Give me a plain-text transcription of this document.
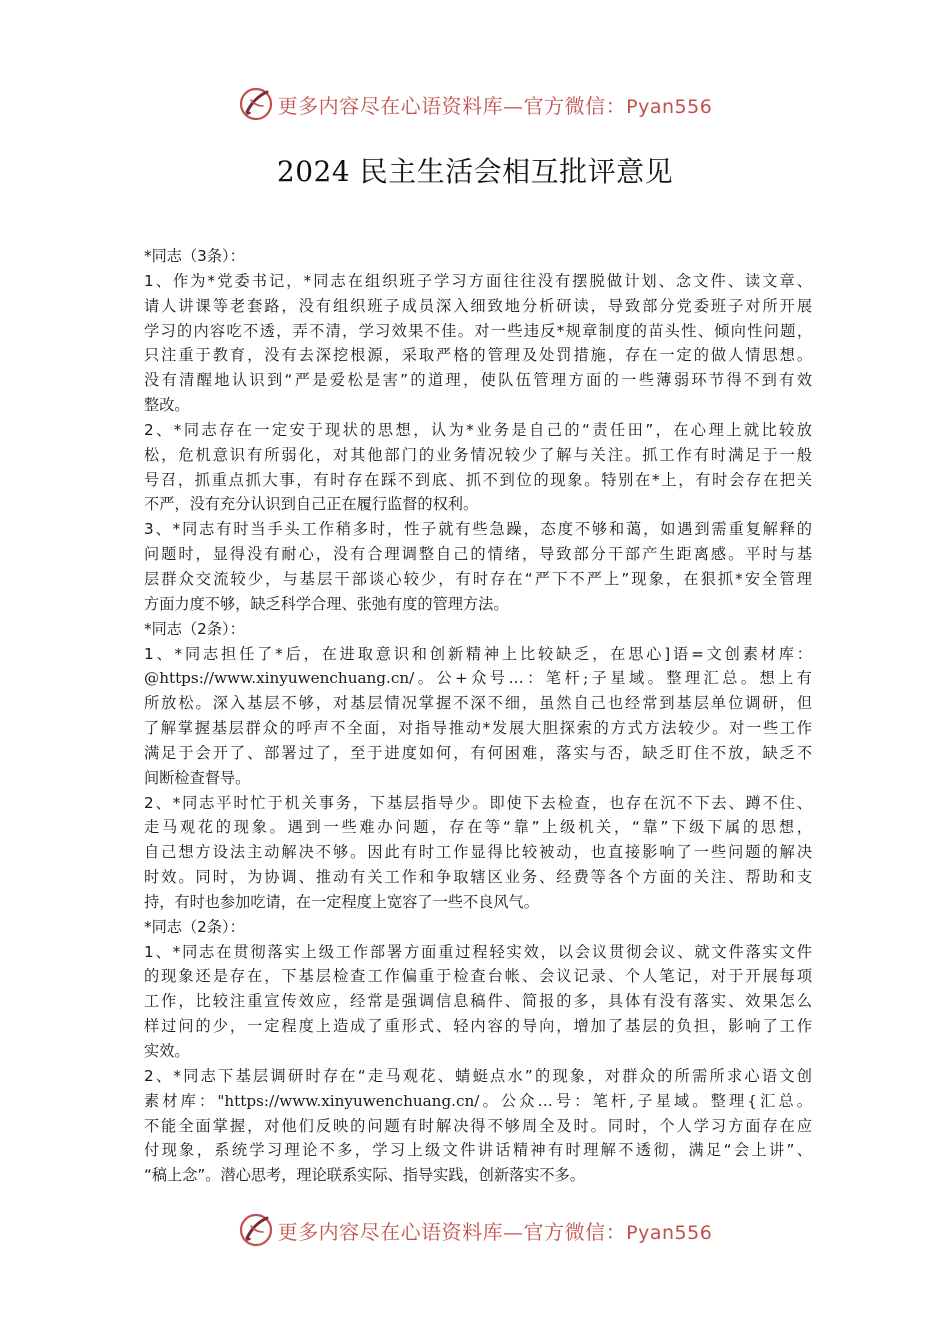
更多内容尽在心语资料库—官方微信：Pyan556
2024 民主生活会相互批评意见
*同志（3条）：
1、作为*党委书记，*同志在组织班子学习方面往往没有摆脱做计划、念文件、读文章、
请人讲课等老套路，没有组织班子成员深入细致地分析研读，导致部分党委班子对所开展
学习的内容吃不透，弄不清，学习效果不佳。对一些违反*规章制度的苗头性、倾向性问题，
只注重于教育，没有去深挖根源，采取严格的管理及处罚措施，存在一定的做人情思想。
没有清醒地认识到“严是爱松是害”的道理，使队伍管理方面的一些薄弱环节得不到有效
整改。
2、*同志存在一定安于现状的思想，认为*业务是自己的“责任田”，在心理上就比较放
松，危机意识有所弱化，对其他部门的业务情况较少了解与关注。抓工作有时满足于一般
号召，抓重点抓大事，有时存在踩不到底、抓不到位的现象。特别在*上，有时会存在把关
不严，没有充分认识到自己正在履行监督的权利。
3、*同志有时当手头工作稍多时，性子就有些急躁，态度不够和蔼，如遇到需重复解释的
问题时，显得没有耐心，没有合理调整自己的情绪，导致部分干部产生距离感。平时与基
层群众交流较少，与基层干部谈心较少，有时存在“严下不严上”现象，在狠抓*安全管理
方面力度不够，缺乏科学合理、张弛有度的管理方法。
*同志（2条）：
1、*同志担任了*后，在进取意识和创新精神上比较缺乏，在思心]语=文创素材库：
@https://www.xinyuwenchuang.cn/。公+众号…：笔杆;子星域。整理汇总。想上有
所放松。深入基层不够，对基层情况掌握不深不细，虽然自己也经常到基层单位调研，但
了解掌握基层群众的呼声不全面，对指导推动*发展大胆探索的方式方法较少。对一些工作
满足于会开了、部署过了，至于进度如何，有何困难，落实与否，缺乏盯住不放，缺乏不
间断检查督导。
2、*同志平时忙于机关事务，下基层指导少。即使下去检查，也存在沉不下去、蹲不住、
走马观花的现象。遇到一些难办问题，存在等“靠”上级机关，“靠”下级下属的思想，
自己想方设法主动解决不够。因此有时工作显得比较被动，也直接影响了一些问题的解决
时效。同时，为协调、推动有关工作和争取辖区业务、经费等各个方面的关注、帮助和支
持，有时也参加吃请，在一定程度上宽容了一些不良风气。
*同志（2条）：
1、*同志在贯彻落实上级工作部署方面重过程轻实效，以会议贯彻会议、就文件落实文件
的现象还是存在，下基层检查工作偏重于检查台帐、会议记录、个人笔记，对于开展每项
工作，比较注重宣传效应，经常是强调信息稿件、简报的多，具体有没有落实、效果怎么
样过问的少，一定程度上造成了重形式、轻内容的导向，增加了基层的负担，影响了工作
实效。
2、*同志下基层调研时存在“走马观花、蜻蜓点水”的现象，对群众的所需所求心语文创
素材库："https://www.xinyuwenchuang.cn/。公众…号：笔杆,子星域。整理{汇总。
不能全面掌握，对他们反映的问题有时解决得不够周全及时。同时，个人学习方面存在应
付现象，系统学习理论不多，学习上级文件讲话精神有时理解不透彻，满足“会上讲”、
“稿上念”。潜心思考，理论联系实际、指导实践，创新落实不多。
更多内容尽在心语资料库—官方微信：Pyan556
